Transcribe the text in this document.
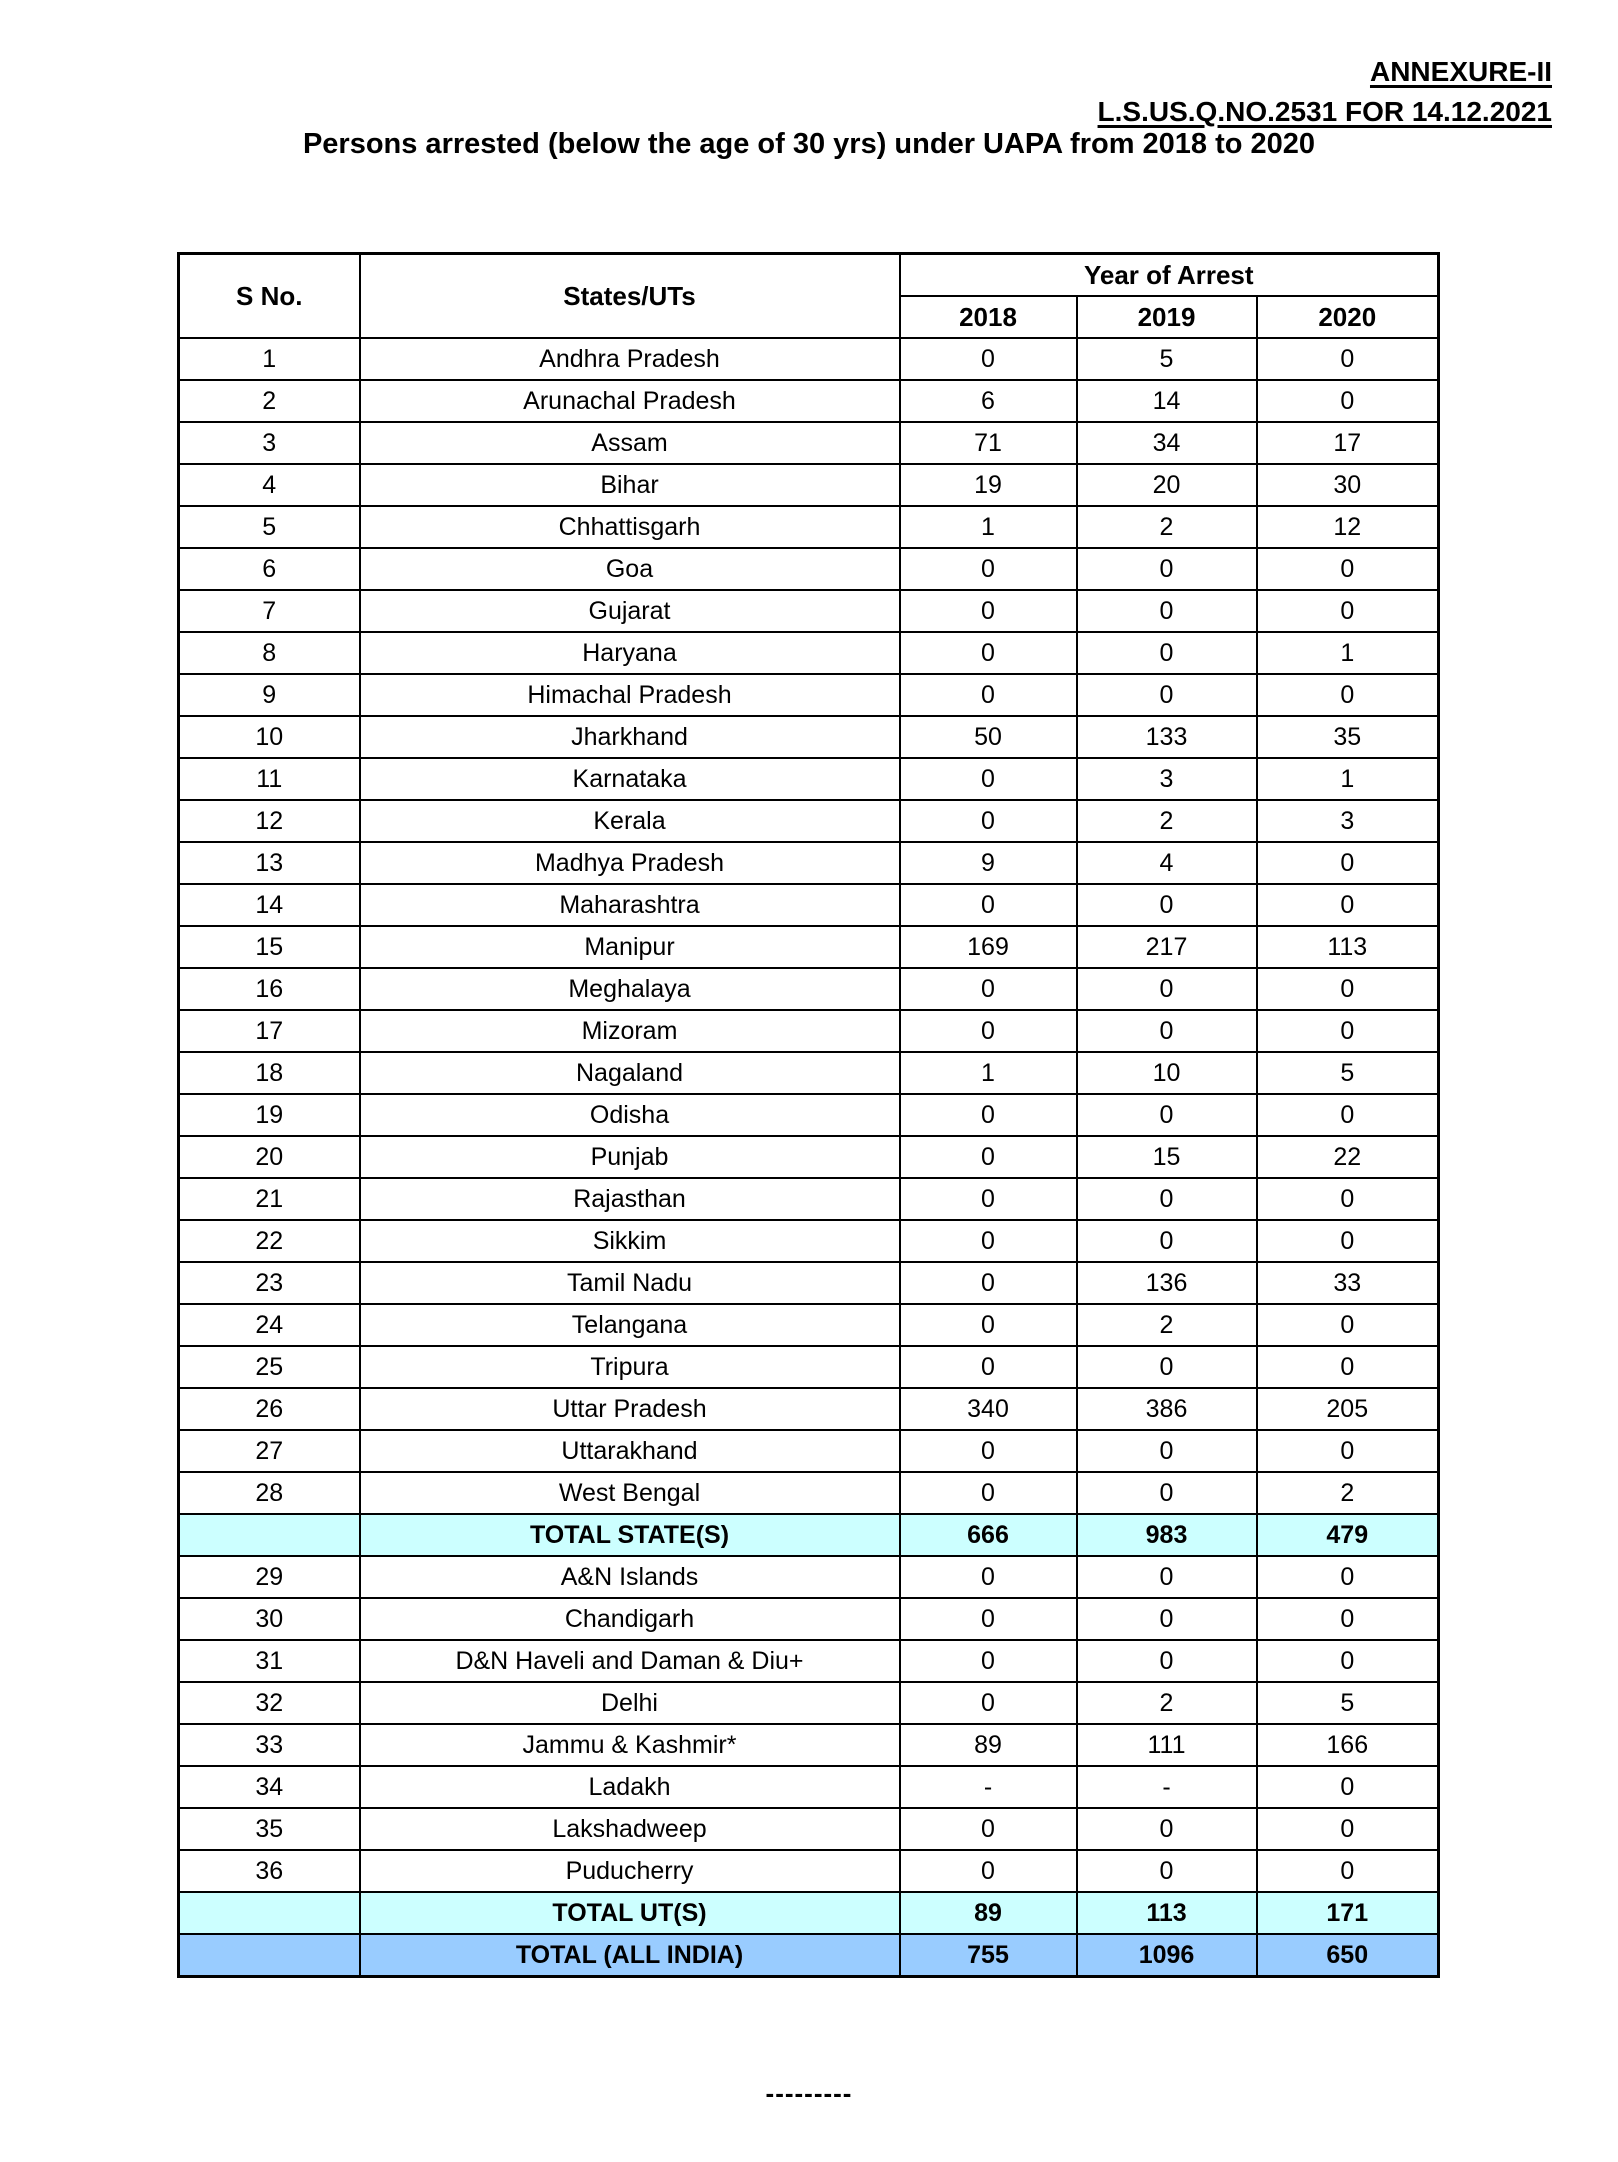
ANNEXURE-II
L.S.US.Q.NO.2531 FOR 14.12.2021
Persons arrested (below the age of 30 yrs) under UAPA from 2018 to 2020
S No.	States/UTs	Year of Arrest		
		2018	2019	2020
1	Andhra Pradesh	0	5	0
2	Arunachal Pradesh	6	14	0
3	Assam	71	34	17
4	Bihar	19	20	30
5	Chhattisgarh	1	2	12
6	Goa	0	0	0
7	Gujarat	0	0	0
8	Haryana	0	0	1
9	Himachal Pradesh	0	0	0
10	Jharkhand	50	133	35
11	Karnataka	0	3	1
12	Kerala	0	2	3
13	Madhya Pradesh	9	4	0
14	Maharashtra	0	0	0
15	Manipur	169	217	113
16	Meghalaya	0	0	0
17	Mizoram	0	0	0
18	Nagaland	1	10	5
19	Odisha	0	0	0
20	Punjab	0	15	22
21	Rajasthan	0	0	0
22	Sikkim	0	0	0
23	Tamil Nadu	0	136	33
24	Telangana	0	2	0
25	Tripura	0	0	0
26	Uttar Pradesh	340	386	205
27	Uttarakhand	0	0	0
28	West Bengal	0	0	2
	TOTAL STATE(S)	666	983	479
29	A&N Islands	0	0	0
30	Chandigarh	0	0	0
31	D&N Haveli and Daman & Diu+	0	0	0
32	Delhi	0	2	5
33	Jammu & Kashmir*	89	111	166
34	Ladakh	-	-	0
35	Lakshadweep	0	0	0
36	Puducherry	0	0	0
	TOTAL UT(S)	89	113	171
	TOTAL (ALL INDIA)	755	1096	650
---------
